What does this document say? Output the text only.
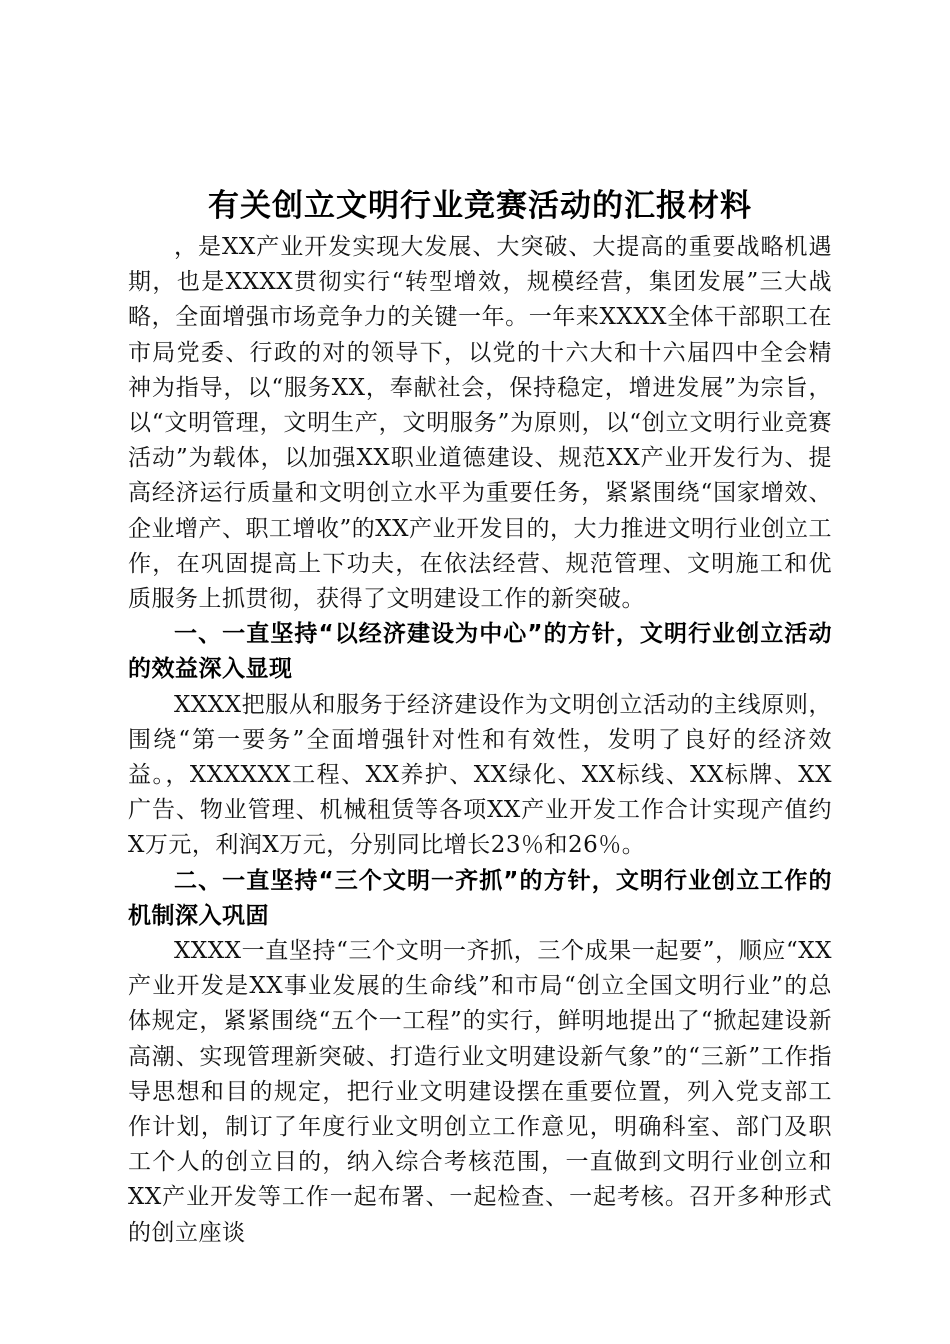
有关创立文明行业竞赛活动的汇报材料

，是XX产业开发实现大发展、大突破、大提高的重要战略机遇期，也是XXXX贯彻实行“转型增效，规模经营，集团发展”三大战略，全面增强市场竞争力的关键一年。一年来XXXX全体干部职工在市局党委、行政的对的领导下，以党的十六大和十六届四中全会精神为指导，以“服务XX，奉献社会，保持稳定，增进发展”为宗旨，以“文明管理，文明生产，文明服务”为原则，以“创立文明行业竞赛活动”为载体，以加强XX职业道德建设、规范XX产业开发行为、提高经济运行质量和文明创立水平为重要任务，紧紧围绕“国家增效、企业增产、职工增收”的XX产业开发目的，大力推进文明行业创立工作，在巩固提高上下功夫，在依法经营、规范管理、文明施工和优质服务上抓贯彻，获得了文明建设工作的新突破。

一、一直坚持“以经济建设为中心”的方针，文明行业创立活动的效益深入显现

XXXX把服从和服务于经济建设作为文明创立活动的主线原则，围绕“第一要务”全面增强针对性和有效性，发明了良好的经济效益。，XXXXXX工程、XX养护、XX绿化、XX标线、XX标牌、XX广告、物业管理、机械租赁等各项XX产业开发工作合计实现产值约X万元，利润X万元，分别同比增长23％和26％。

二、一直坚持“三个文明一齐抓”的方针，文明行业创立工作的机制深入巩固

XXXX一直坚持“三个文明一齐抓，三个成果一起要”，顺应“XX产业开发是XX事业发展的生命线”和市局“创立全国文明行业”的总体规定，紧紧围绕“五个一工程”的实行，鲜明地提出了“掀起建设新高潮、实现管理新突破、打造行业文明建设新气象”的“三新”工作指导思想和目的规定，把行业文明建设摆在重要位置，列入党支部工作计划，制订了年度行业文明创立工作意见，明确科室、部门及职工个人的创立目的，纳入综合考核范围，一直做到文明行业创立和XX产业开发等工作一起布署、一起检查、一起考核。召开多种形式的创立座谈
